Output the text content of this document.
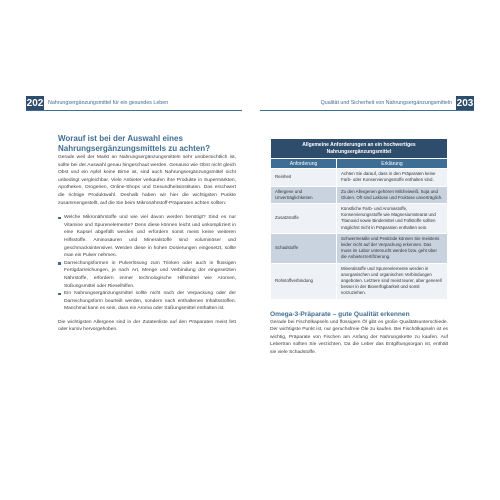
202 Nahrungsergänzungsmittel für ein gesundes Leben	Qualität und Sicherheit von Nahrungsergänzungsmitteln 203
Worauf ist bei der Auswahl eines Nahrungsergänzungsmittels zu achten?

Gerade weil der Markt an Nahrungsergänzungsmitteln sehr unübersichtlich ist, sollte bei der Auswahl genau hingeschaut werden. Genauso wie Obst nicht gleich Obst und ein Apfel keine Birne ist, sind auch Nahrungsergänzungsmittel nicht unbedingt vergleichbar. Viele Anbieter verkaufen ihre Produkte in Supermärkten, Apotheken, Drogerien, Online-Shops und Gesundheitsinstituten. Das erschwert die richtige Produktwahl. Deshalb haben wir hier die wichtigsten Punkte zusammengestellt, auf die Sie beim Mikronährstoff-Präparaten achten sollten:

Welche Mikronährstoffe und wie viel davon werden benötigt? Sind es nur Vitamine und Spurenelemente? Denn diese können leicht und unkompliziert in eine Kapsel abgefüllt werden und erfordern somit meist keine weiteren Hilfsstoffe. Aminosäuren und Mineralstoffe sind voluminöser und geschmacksintensiver. Werden diese in hohen Dosierungen eingesetzt, sollte man ein Pulver nehmen.
Darreichungsformen in Pulverlösung zum Trinken oder auch in flüssigen Fertigdarreichungen, je nach Art, Menge und Verbindung der eingesetzten Nährstoffe, erfordern immer technologische Hilfsmittel wie Aromen, Süßungsmittel oder Rieselhilfen.
Ein Nahrungsergänzungsmittel sollte nicht nach der Verpackung oder der Darreichungsform beurteilt werden, sondern nach enthaltenen Inhaltsstoffen. Manchmal kann es sein, dass ein Aroma oder Süßungsmittel enthalten ist.

Die wichtigsten Allergene sind in der Zutatenliste auf den Präparaten meist fett oder kursiv hervorgehoben.

Allgemeine Anforderungen an ein hochwertiges Nahrungsergänzungsmittel	
Anforderung	Erklärung
Reinheit	Achten Sie darauf, dass in den Präparaten keine Farb- oder Konservierungsstoffe enthalten sind.
Allergene und Unverträglichkeiten	Zu den Allergenen gehören Milcheiweiß, Soja und Gluten. Oft sind Laktose und Fruktose unverträglich.
Zusatzstoffe	Künstliche Farb- und Aromastoffe, Konservierungsstoffe wie Magnesiumstearat und Titanoxid sowie Bindemittel und Füllstoffe sollten möglichst nicht in Präparaten enthalten sein.
Schadstoffe	Schwermetalle und Pestizide können Sie meistens leider nicht auf der Verpackung erkennen. Das muss im Labor untersucht werden bzw. geht über die Anbieterzertifizierung.
Rohstoffverbindung	Mineralstoffe und Spurenelemente werden in anorganischen und organischen Verbindungen angeboten. Letztere sind meist teurer, aber generell besser in der Bioverfügbarkeit und somit vorzuziehen.
Omega-3-Präparate – gute Qualität erkennen

Gerade bei Fischölkapseln und flüssigem Öl gibt es große Qualitätsunterschiede. Der wichtigste Punkt ist, nur geruchsfreie Öle zu kaufen. Bei Fischölkapseln ist es wichtig, Präparate von Fischen am Anfang der Nahrungskette zu kaufen. Auf Lebertran sollten Sie verzichten. Da die Leber das Entgiftungsorgan ist, enthält sie viele Schadstoffe.
